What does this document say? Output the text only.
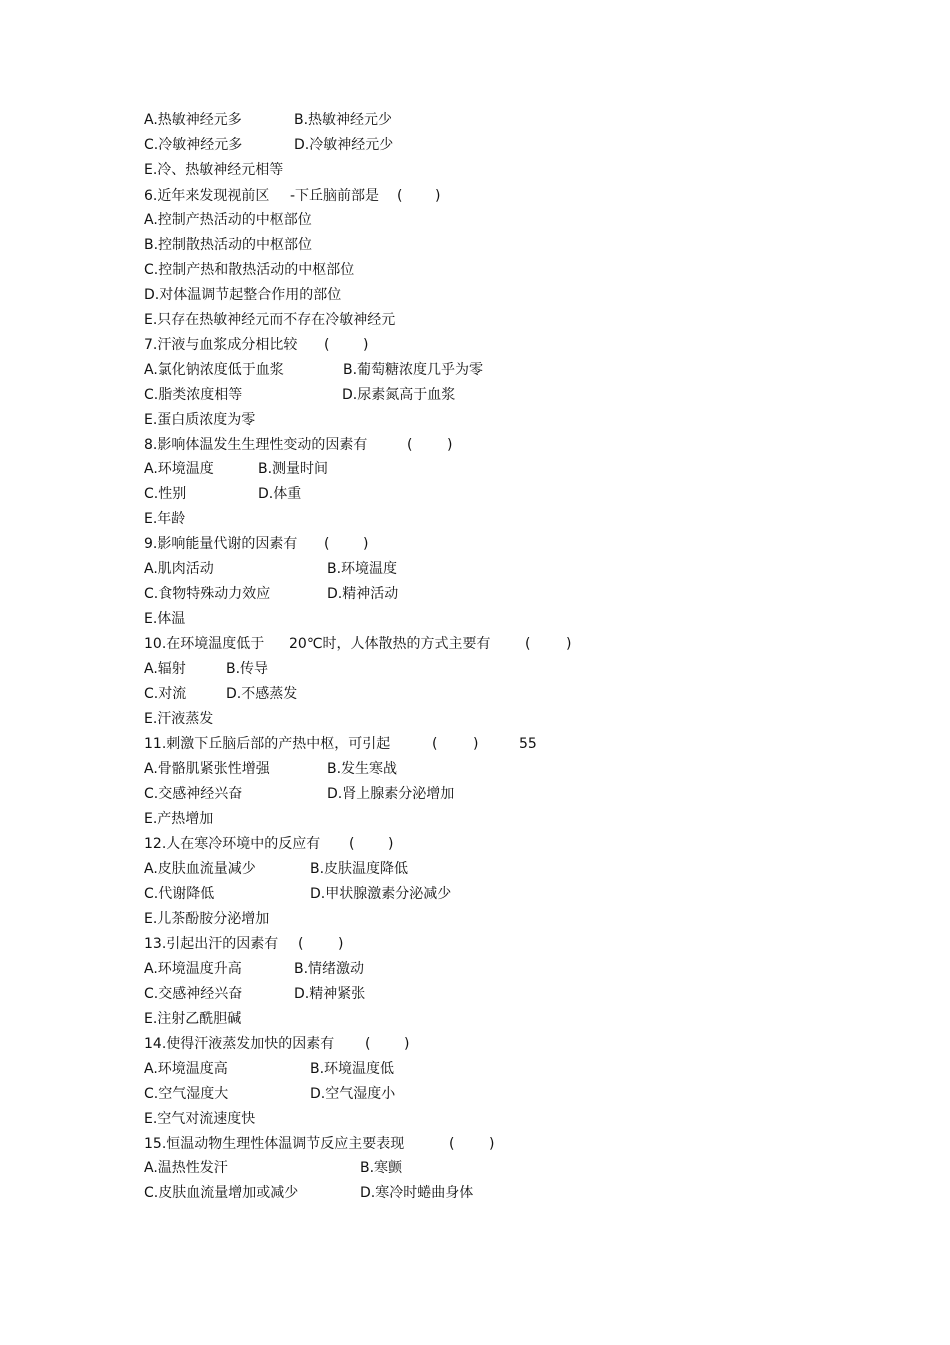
A.热敏神经元多	B.热敏神经元少
C.冷敏神经元多	D.冷敏神经元少
E.冷、热敏神经元相等
6.近年来发现视前区 -下丘脑前部是 ( )
A.控制产热活动的中枢部位
B.控制散热活动的中枢部位
C.控制产热和散热活动的中枢部位
D.对体温调节起整合作用的部位
E.只存在热敏神经元而不存在冷敏神经元
7.汗液与血浆成分相比较 ( )
A.氯化钠浓度低于血浆	B.葡萄糖浓度几乎为零
C.脂类浓度相等	D.尿素氮高于血浆
E.蛋白质浓度为零
8.影响体温发生生理性变动的因素有	( )
A.环境温度	B.测量时间
C.性别	D.体重
E.年龄
9.影响能量代谢的因素有 ( )
A.肌肉活动	B.环境温度
C.食物特殊动力效应	D.精神活动
E.体温
10.在环境温度低于 20℃时，人体散热的方式主要有 (	)
A.辐射	B.传导
C.对流	D.不感蒸发
E.汗液蒸发
11.刺激下丘脑后部的产热中枢，可引起	(	)	55
A.骨骼肌紧张性增强	B.发生寒战
C.交感神经兴奋	D.肾上腺素分泌增加
E.产热增加
12.人在寒冷环境中的反应有 ( )
A.皮肤血流量减少	B.皮肤温度降低
C.代谢降低	D.甲状腺激素分泌减少
E.儿茶酚胺分泌增加
13.引起出汗的因素有 ( )
A.环境温度升高	B.情绪激动
C.交感神经兴奋	D.精神紧张
E.注射乙酰胆碱
14.使得汗液蒸发加快的因素有 ( )
A.环境温度高	B.环境温度低
C.空气湿度大	D.空气湿度小
E.空气对流速度快
15.恒温动物生理性体温调节反应主要表现	( )
A.温热性发汗	B.寒颤
C.皮肤血流量增加或减少	D.寒冷时蜷曲身体
